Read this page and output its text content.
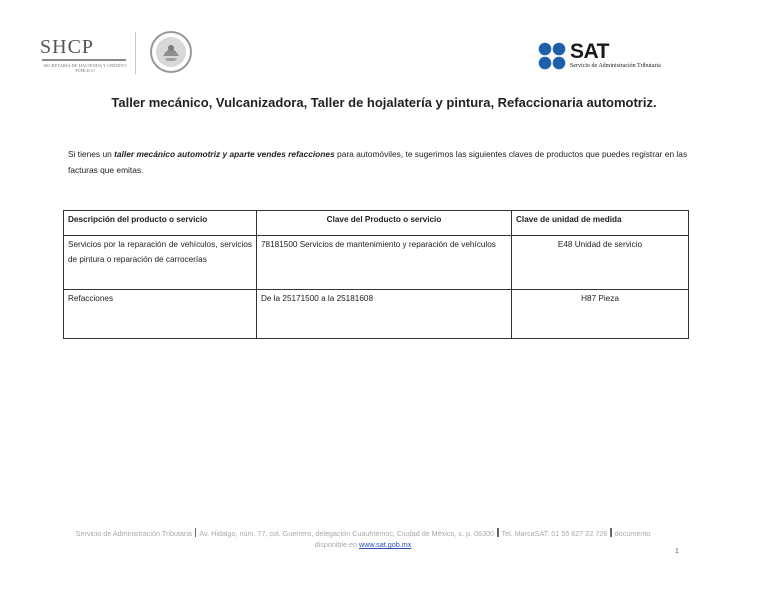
SHCP
SECRETARÍA DE HACIENDA Y CRÉDITO PÚBLICO
SAT
Servicio de Administración Tributaria
Taller mecánico, Vulcanizadora, Taller de hojalatería y pintura, Refaccionaria automotriz.
Si tienes un taller mecánico automotriz y aparte vendes refacciones para automóviles, te sugerimos las siguientes claves de productos que puedes registrar en las facturas que emitas.
Descripción del producto o servicio	Clave del Producto o servicio	Clave de unidad de medida
Servicios por la reparación de vehículos, servicios de pintura o reparación de carrocerías	78181500 Servicios de mantenimiento y reparación de vehículos	E48 Unidad de servicio
Refacciones	De la 25171500 a la 25181608	H87 Pieza
Servicio de Administración Tributaria Av. Hidalgo, núm. 77, col. Guerrero, delegación Cuauhtémoc, Ciudad de México, c. p. 06300 Tel. MarcaSAT: 01 55 627 22 728 documento disponible en www.sat.gob.mx
1
